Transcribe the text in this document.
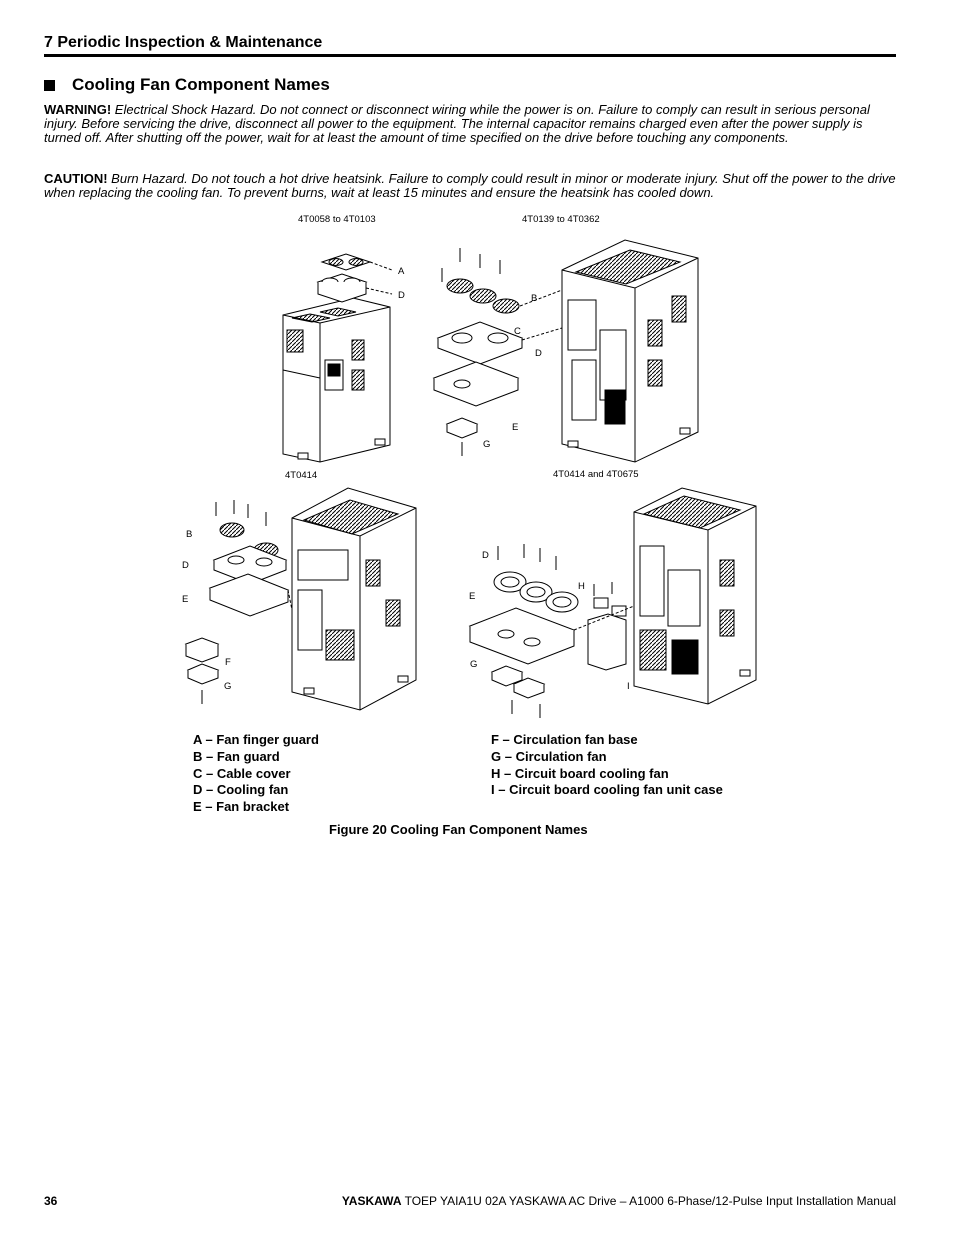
7 Periodic Inspection & Maintenance
Cooling Fan Component Names
WARNING! Electrical Shock Hazard. Do not connect or disconnect wiring while the power is on. Failure to comply can result in serious personal injury. Before servicing the drive, disconnect all power to the equipment. The internal capacitor remains charged even after the power supply is turned off. After shutting off the power, wait for at least the amount of time specified on the drive before touching any components.
CAUTION! Burn Hazard. Do not touch a hot drive heatsink. Failure to comply could result in minor or moderate injury. Shut off the power to the drive when replacing the cooling fan. To prevent burns, wait at least 15 minutes and ensure the heatsink has cooled down.
4T0058 to 4T0103	4T0139 to 4T0362
4T0414	4T0414 and 4T0675
A
D	B
C
D
E
G
B
D
E
F
G
D
H
E
G
I
A – Fan finger guard
B – Fan guard
C – Cable cover
D – Cooling fan
E – Fan bracket
F – Circulation fan base
G – Circulation fan
H – Circuit board cooling fan
I – Circuit board cooling fan unit case
Figure 20 Cooling Fan Component Names
36	YASKAWA TOEP YAIA1U 02A YASKAWA AC Drive – A1000 6-Phase/12-Pulse Input Installation Manual
